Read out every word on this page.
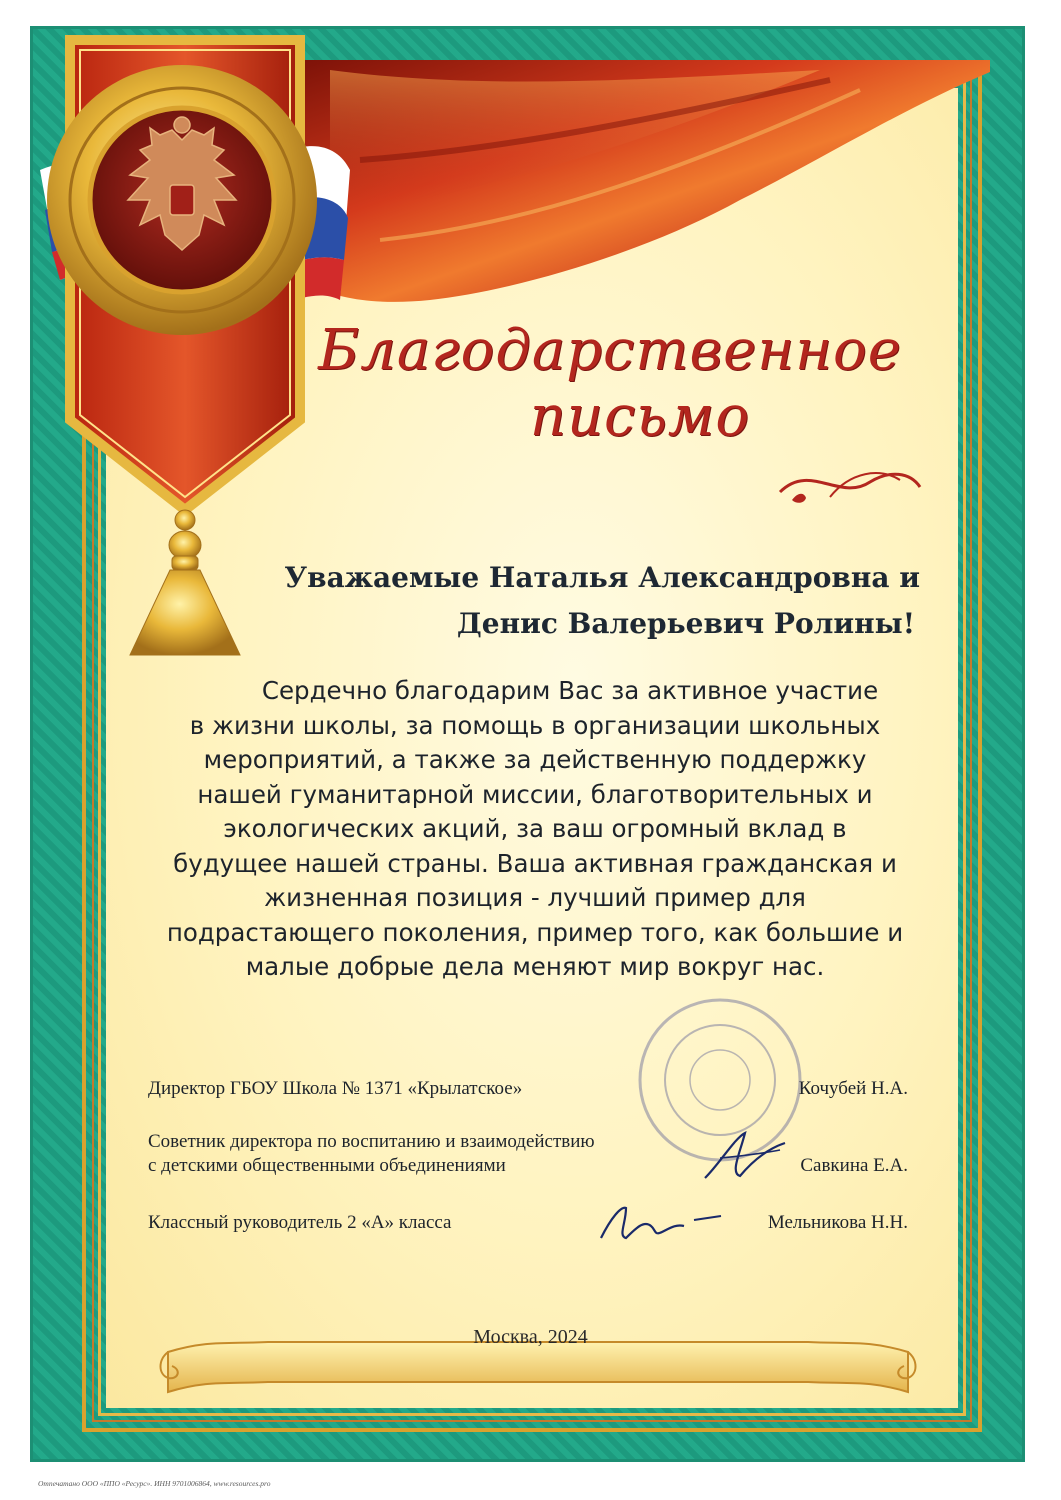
Благодарственное
письмо
Уважаемые Наталья Александровна и
Денис Валерьевич Ролины!
Сердечно благодарим Вас за активное участие
в жизни школы, за помощь в организации школьных
мероприятий, а также за действенную поддержку
нашей гуманитарной миссии, благотворительных и
экологических акций, за ваш огромный вклад в
будущее нашей страны. Ваша активная гражданская и
жизненная позиция - лучший пример для
подрастающего поколения, пример того, как большие и
малые добрые дела меняют мир вокруг нас.
Директор ГБОУ Школа № 1371 «Крылатское»	Кочубей Н.А.
Советник директора по воспитанию и взаимодействию
с детскими общественными объединениями	Савкина Е.А.
Классный руководитель 2 «А» класса	Мельникова Н.Н.
Москва, 2024
Отпечатано ООО «ППО «Ресурс». ИНН 9701006864, www.resources.pro
